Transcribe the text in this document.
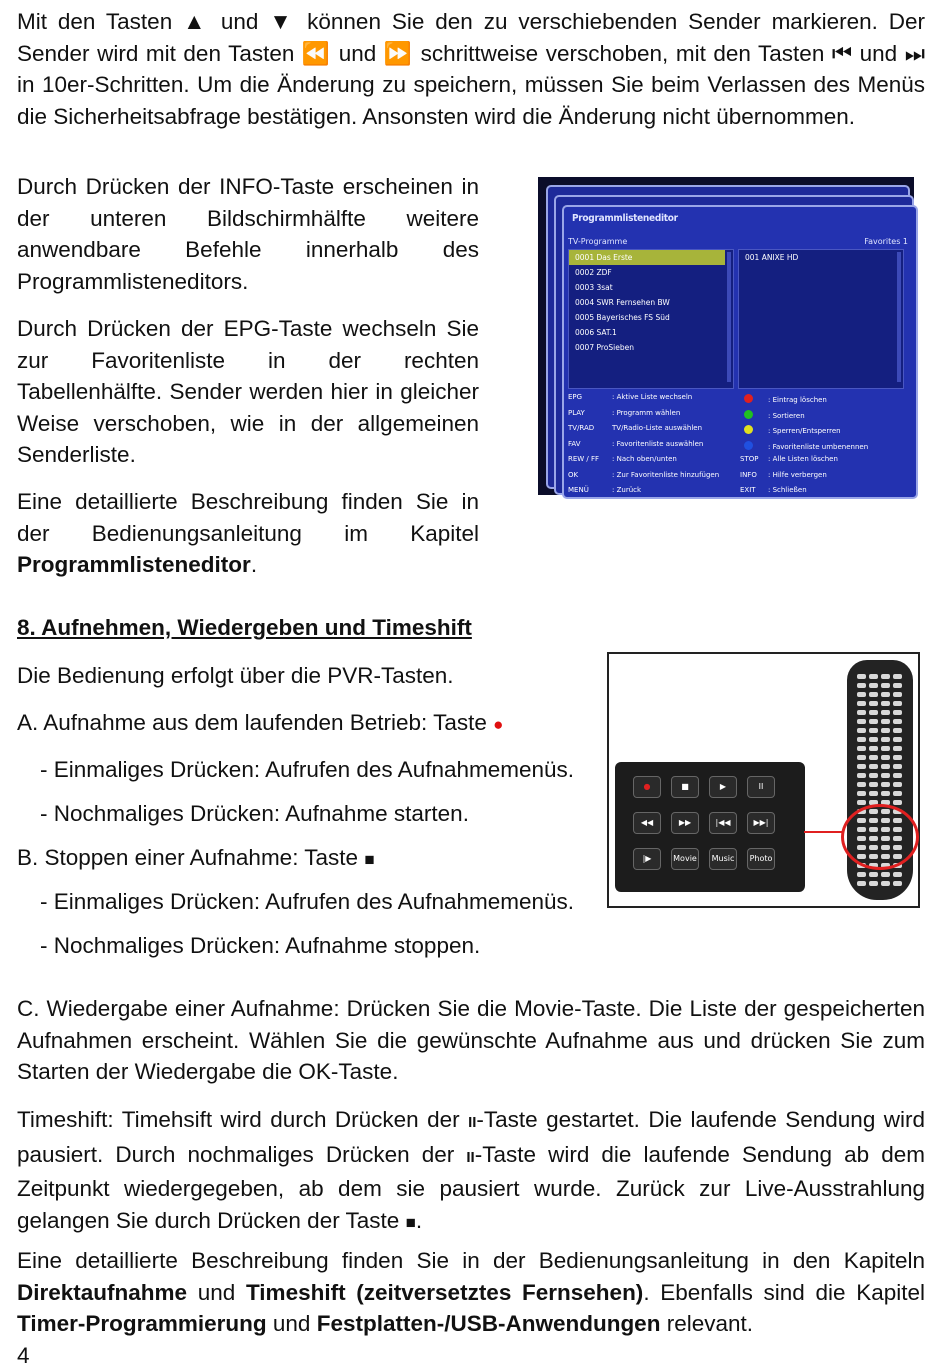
Mit den Tasten ▲ und ▼ können Sie den zu verschiebenden Sender markieren. Der Sender wird mit den Tasten ⏪ und ⏩ schrittweise verschoben, mit den Tasten ⏮ und ⏭ in 10er-Schritten. Um die Änderung zu speichern, müssen Sie beim Verlassen des Menüs die Sicherheitsabfrage bestätigen. Ansonsten wird die Änderung nicht übernommen.

Durch Drücken der INFO-Taste erscheinen in der unteren Bildschirmhälfte weitere anwendbare Befehle innerhalb des Programmlisteneditors.

Durch Drücken der EPG-Taste wechseln Sie zur Favoritenliste in der rechten Tabellenhälfte. Sender werden hier in gleicher Weise verschoben, wie in der allgemeinen Senderliste.

Eine detaillierte Beschreibung finden Sie in der Bedienungsanleitung im Kapitel Programmlisteneditor.

Programmlisteneditor
TV-Programme	Favorites 1
0001 Das Erste
0002 ZDF
0003 3sat
0004 SWR Fernsehen BW
0005 Bayerisches FS Süd
0006 SAT.1
0007 ProSieben
001 ANIXE HD
EPG	: Aktive Liste wechseln
PLAY	: Programm wählen
TV/RAD	TV/Radio-Liste auswählen
FAV	: Favoritenliste auswählen
REW / FF : Nach oben/unten
OK	: Zur Favoritenliste hinzufügen
MENÜ	: Zurück
TEXT	: Sendersuche
: Eintrag löschen
: Sortieren
: Sperren/Entsperren
: Favoritenliste umbenennen
STOP : Alle Listen löschen
INFO : Hilfe verbergen
EXIT : Schließen

8. Aufnehmen, Wiedergeben und Timeshift

Die Bedienung erfolgt über die PVR-Tasten.

A. Aufnahme aus dem laufenden Betrieb: Taste ●

- Einmaliges Drücken: Aufrufen des Aufnahmemenüs.

- Nochmaliges Drücken: Aufnahme starten.

B. Stoppen einer Aufnahme: Taste ■

- Einmaliges Drücken: Aufrufen des Aufnahmemenüs.

- Nochmaliges Drücken: Aufnahme stoppen.

●	■	▶	II
◀◀	▶▶	|◀◀	▶▶|
|▶	Movie	Music	Photo

C. Wiedergabe einer Aufnahme: Drücken Sie die Movie-Taste. Die Liste der gespeicherten Aufnahmen erscheint. Wählen Sie die gewünschte Aufnahme aus und drücken Sie zum Starten der Wiedergabe die OK-Taste.

Timeshift: Timehsift wird durch Drücken der II-Taste gestartet. Die laufende Sendung wird pausiert. Durch nochmaliges Drücken der II-Taste wird die laufende Sendung ab dem Zeitpunkt wiedergegeben, ab dem sie pausiert wurde. Zurück zur Live-Ausstrahlung gelangen Sie durch Drücken der Taste ■.

Eine detaillierte Beschreibung finden Sie in der Bedienungsanleitung in den Kapiteln Direktaufnahme und Timeshift (zeitversetztes Fernsehen). Ebenfalls sind die Kapitel Timer-Programmierung und Festplatten-/USB-Anwendungen relevant.

4
